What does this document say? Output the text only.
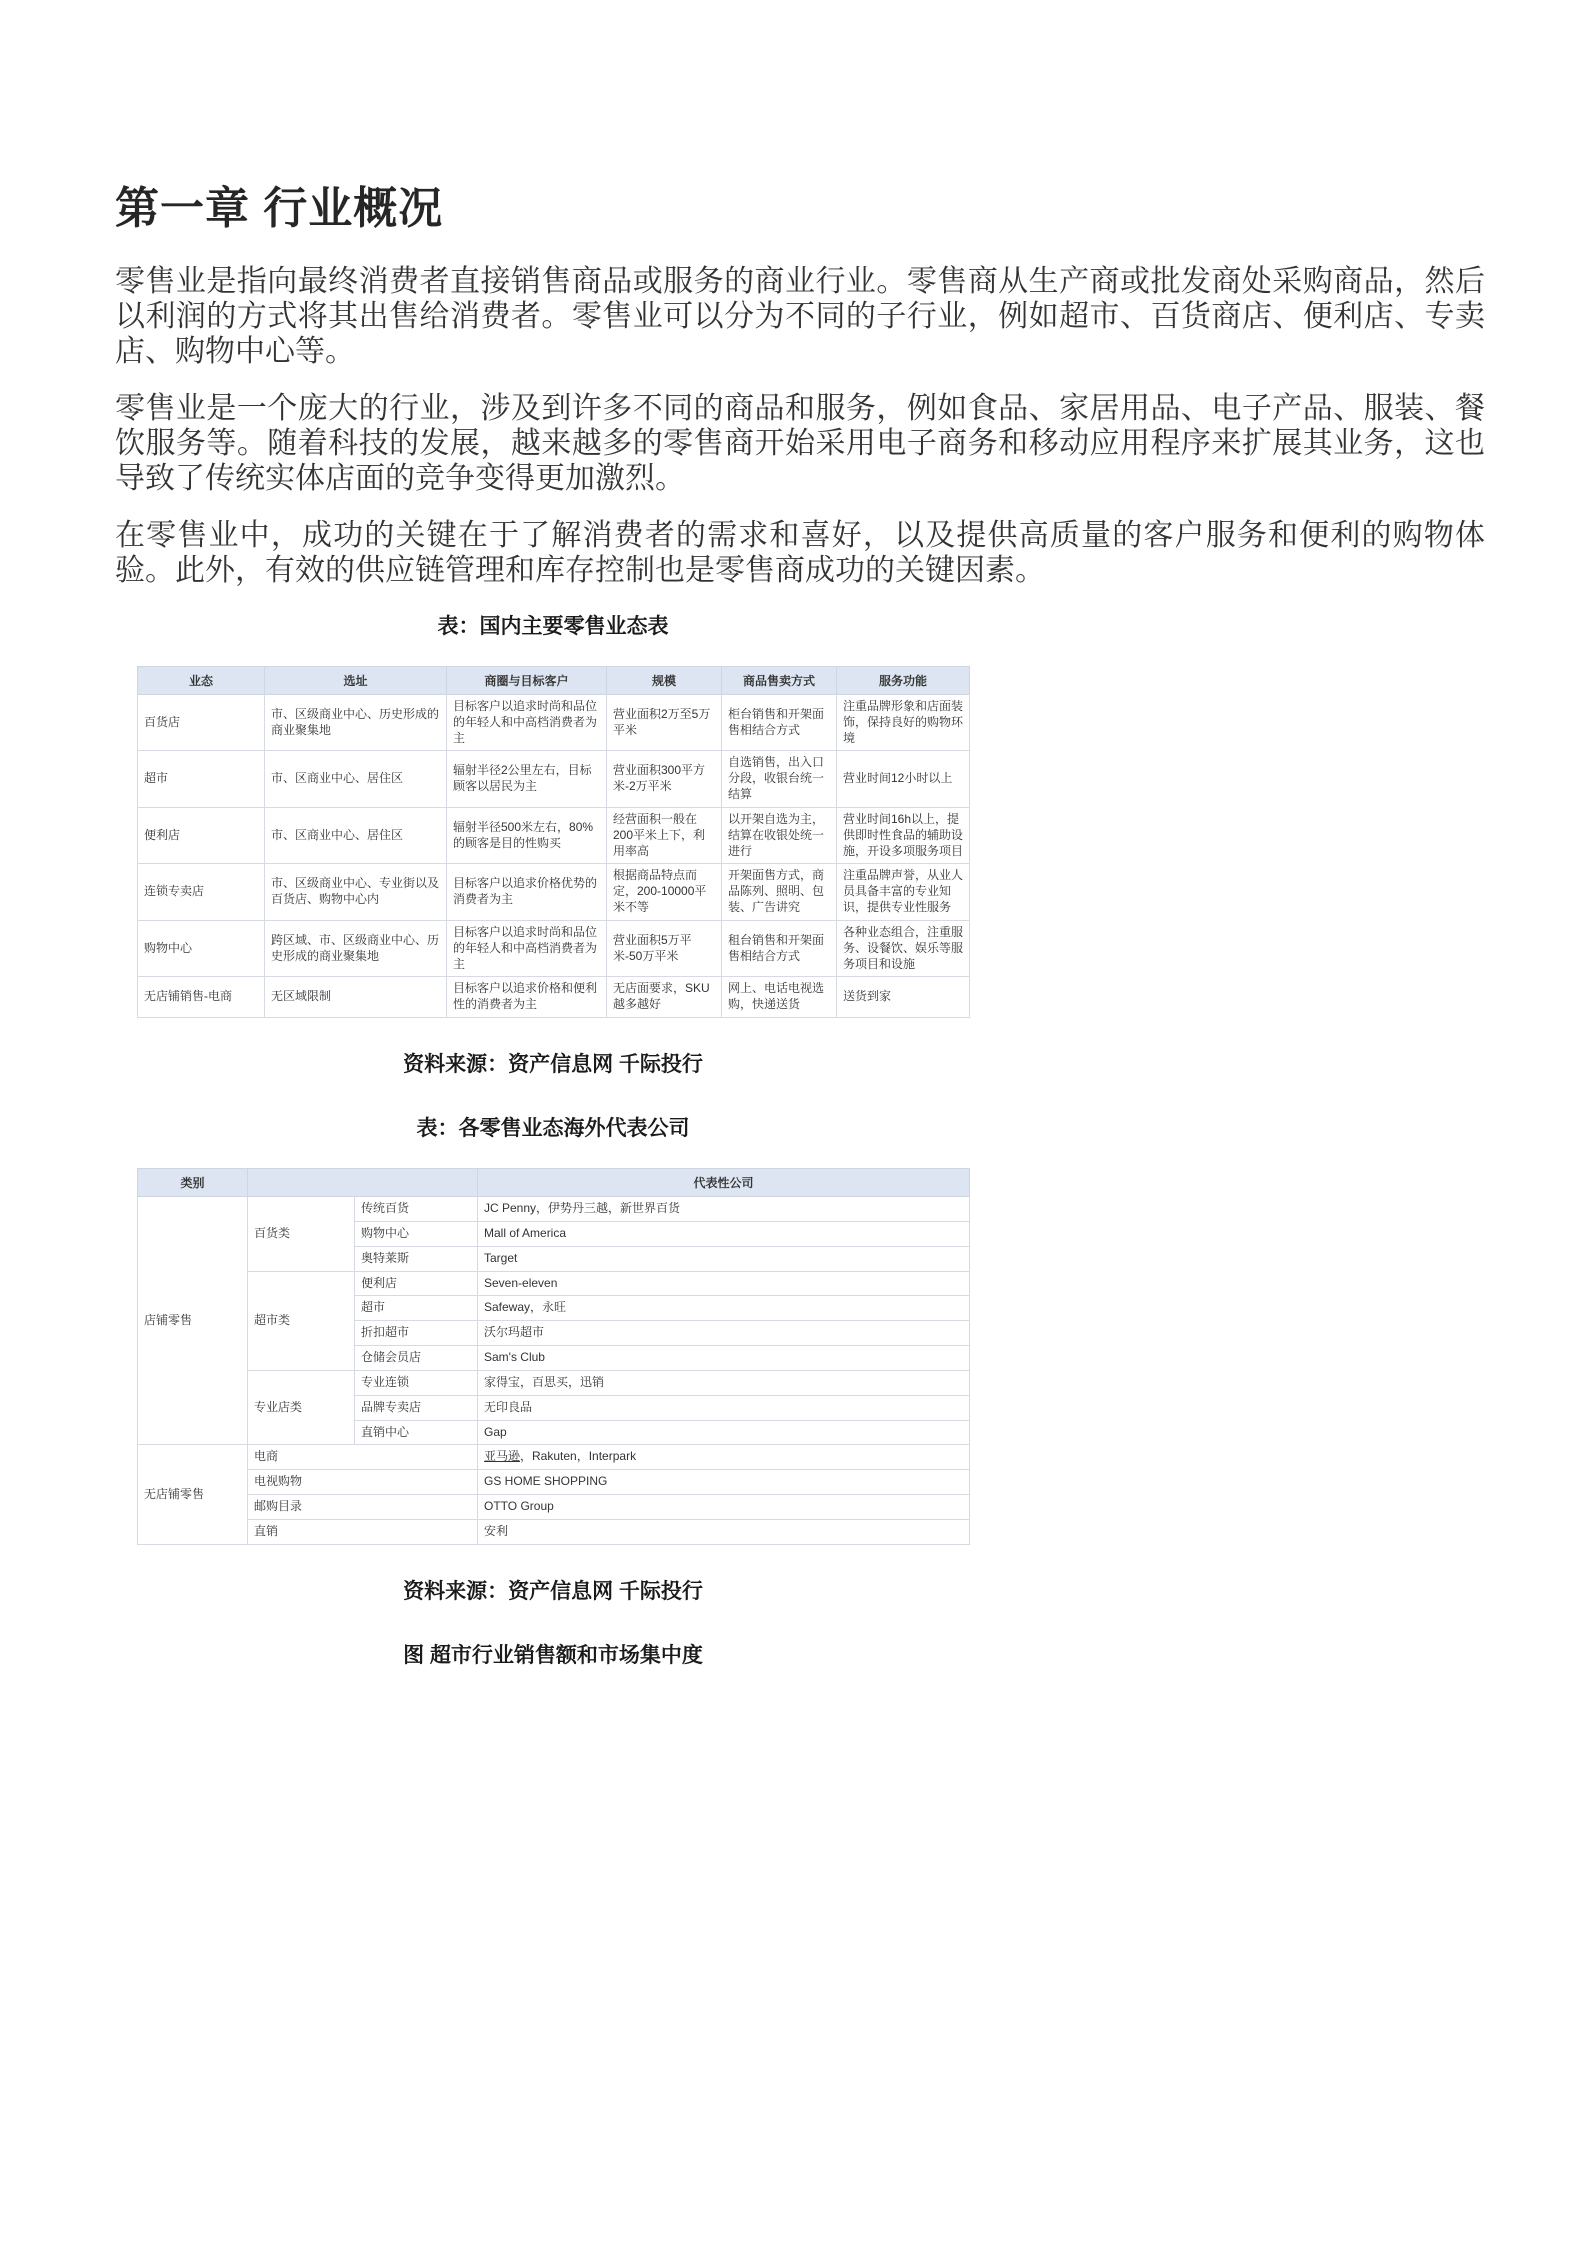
第一章 行业概况

零售业是指向最终消费者直接销售商品或服务的商业行业。零售商从生产商或批发商处采购商品，然后以利润的方式将其出售给消费者。零售业可以分为不同的子行业，例如超市、百货商店、便利店、专卖店、购物中心等。

零售业是一个庞大的行业，涉及到许多不同的商品和服务，例如食品、家居用品、电子产品、服装、餐饮服务等。随着科技的发展，越来越多的零售商开始采用电子商务和移动应用程序来扩展其业务，这也导致了传统实体店面的竞争变得更加激烈。

在零售业中，成功的关键在于了解消费者的需求和喜好，以及提供高质量的客户服务和便利的购物体验。此外，有效的供应链管理和库存控制也是零售商成功的关键因素。

表：国内主要零售业态表
业态	选址	商圈与目标客户	规模	商品售卖方式	服务功能
百货店	市、区级商业中心、历史形成的商业聚集地	目标客户以追求时尚和品位的年轻人和中高档消费者为主	营业面积2万至5万平米	柜台销售和开架面售相结合方式	注重品牌形象和店面装饰，保持良好的购物环境
超市	市、区商业中心、居住区	辐射半径2公里左右，目标顾客以居民为主	营业面积300平方米-2万平米	自选销售，出入口分段，收银台统一结算	营业时间12小时以上
便利店	市、区商业中心、居住区	辐射半径500米左右，80%的顾客是目的性购买	经营面积一般在200平米上下，利用率高	以开架自选为主，结算在收银处统一进行	营业时间16h以上，提供即时性食品的辅助设施，开设多项服务项目
连锁专卖店	市、区级商业中心、专业街以及百货店、购物中心内	目标客户以追求价格优势的消费者为主	根据商品特点而定，200-10000平米不等	开架面售方式，商品陈列、照明、包装、广告讲究	注重品牌声誉，从业人员具备丰富的专业知识，提供专业性服务
购物中心	跨区域、市、区级商业中心、历史形成的商业聚集地	目标客户以追求时尚和品位的年轻人和中高档消费者为主	营业面积5万平米-50万平米	租台销售和开架面售相结合方式	各种业态组合，注重服务、设餐饮、娱乐等服务项目和设施
无店铺销售-电商	无区域限制	目标客户以追求价格和便利性的消费者为主	无店面要求，SKU越多越好	网上、电话电视选购，快递送货	送货到家
资料来源：资产信息网 千际投行
表：各零售业态海外代表公司
类别			代表性公司
店铺零售	百货类	传统百货	JC Penny，伊势丹三越，新世界百货
		购物中心	Mall of America
		奥特莱斯	Target
	超市类	便利店	Seven-eleven
		超市	Safeway，永旺
		折扣超市	沃尔玛超市
		仓储会员店	Sam's Club
	专业店类	专业连锁	家得宝，百思买，迅销
		品牌专卖店	无印良品
		直销中心	Gap
无店铺零售	电商		亚马逊，Rakuten，Interpark
	电视购物		GS HOME SHOPPING
	邮购目录		OTTO Group
	直销		安利
资料来源：资产信息网 千际投行
图 超市行业销售额和市场集中度
